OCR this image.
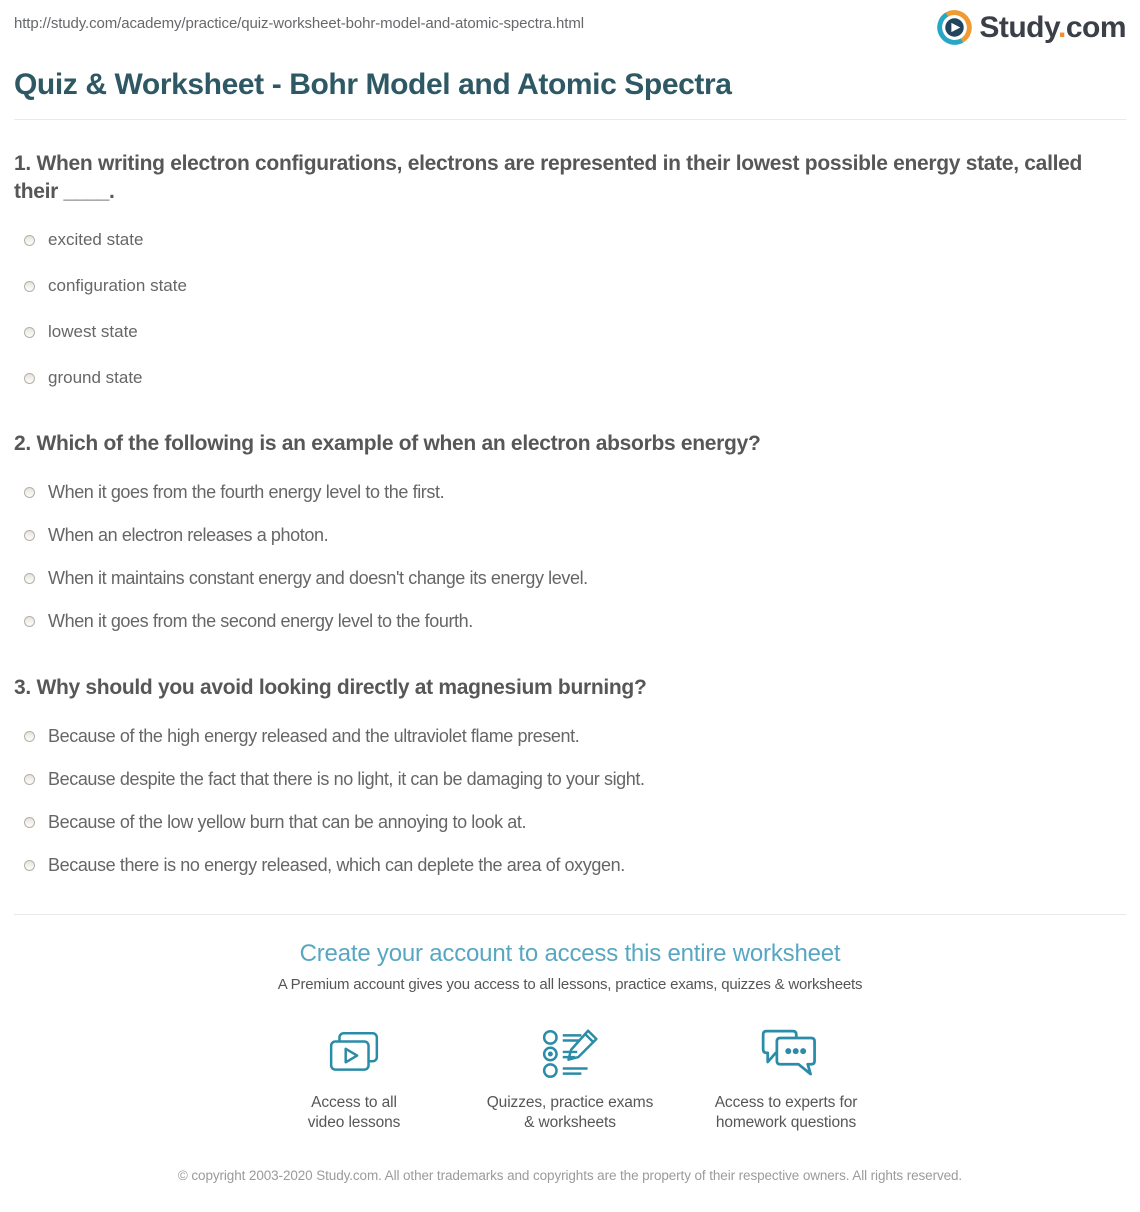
http://study.com/academy/practice/quiz-worksheet-bohr-model-and-atomic-spectra.html	Study.com
Quiz & Worksheet - Bohr Model and Atomic Spectra
1. When writing electron configurations, electrons are represented in their lowest possible energy state, called their ____.
excited state
configuration state
lowest state
ground state
2. Which of the following is an example of when an electron absorbs energy?
When it goes from the fourth energy level to the first.
When an electron releases a photon.
When it maintains constant energy and doesn't change its energy level.
When it goes from the second energy level to the fourth.
3. Why should you avoid looking directly at magnesium burning?
Because of the high energy released and the ultraviolet flame present.
Because despite the fact that there is no light, it can be damaging to your sight.
Because of the low yellow burn that can be annoying to look at.
Because there is no energy released, which can deplete the area of oxygen.
Create your account to access this entire worksheet

A Premium account gives you access to all lessons, practice exams, quizzes & worksheets

Access to all
video lessons
Quizzes, practice exams
& worksheets
Access to experts for
homework questions
© copyright 2003-2020 Study.com. All other trademarks and copyrights are the property of their respective owners. All rights reserved.
